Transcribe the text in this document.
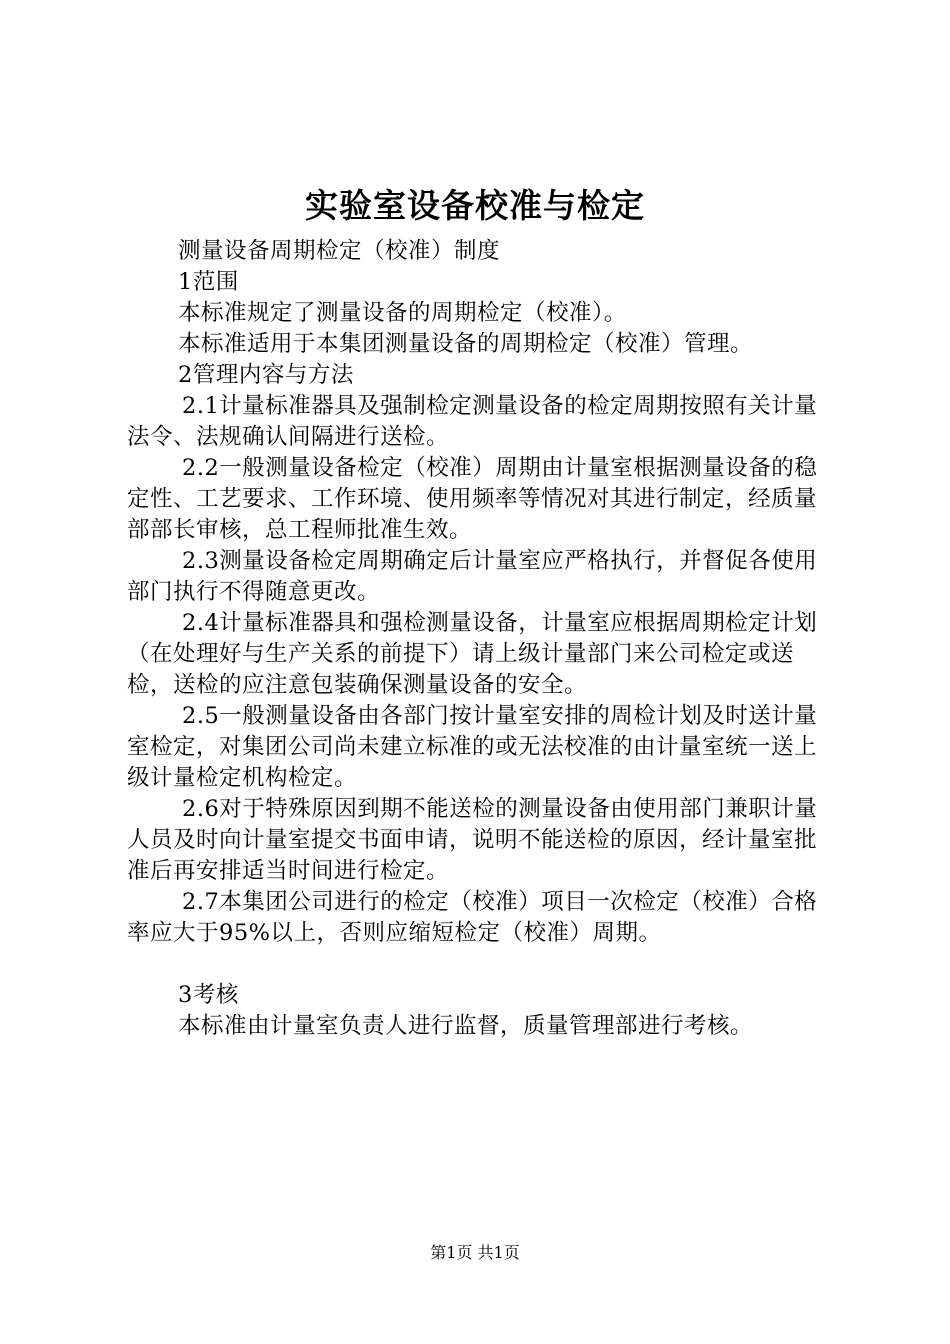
实验室设备校准与检定

测量设备周期检定（校准）制度

1范围

本标准规定了测量设备的周期检定（校准）。

本标准适用于本集团测量设备的周期检定（校准）管理。

2管理内容与方法

2.1计量标准器具及强制检定测量设备的检定周期按照有关计量法令、法规确认间隔进行送检。

2.2一般测量设备检定（校准）周期由计量室根据测量设备的稳定性、工艺要求、工作环境、使用频率等情况对其进行制定，经质量部部长审核，总工程师批准生效。

2.3测量设备检定周期确定后计量室应严格执行，并督促各使用部门执行不得随意更改。

2.4计量标准器具和强检测量设备，计量室应根据周期检定计划（在处理好与生产关系的前提下）请上级计量部门来公司检定或送检，送检的应注意包装确保测量设备的安全。

2.5一般测量设备由各部门按计量室安排的周检计划及时送计量室检定，对集团公司尚未建立标准的或无法校准的由计量室统一送上级计量检定机构检定。

2.6对于特殊原因到期不能送检的测量设备由使用部门兼职计量人员及时向计量室提交书面申请，说明不能送检的原因，经计量室批准后再安排适当时间进行检定。

2.7本集团公司进行的检定（校准）项目一次检定（校准）合格率应大于95%以上，否则应缩短检定（校准）周期。

3考核

本标准由计量室负责人进行监督，质量管理部进行考核。

第1页 共1页
